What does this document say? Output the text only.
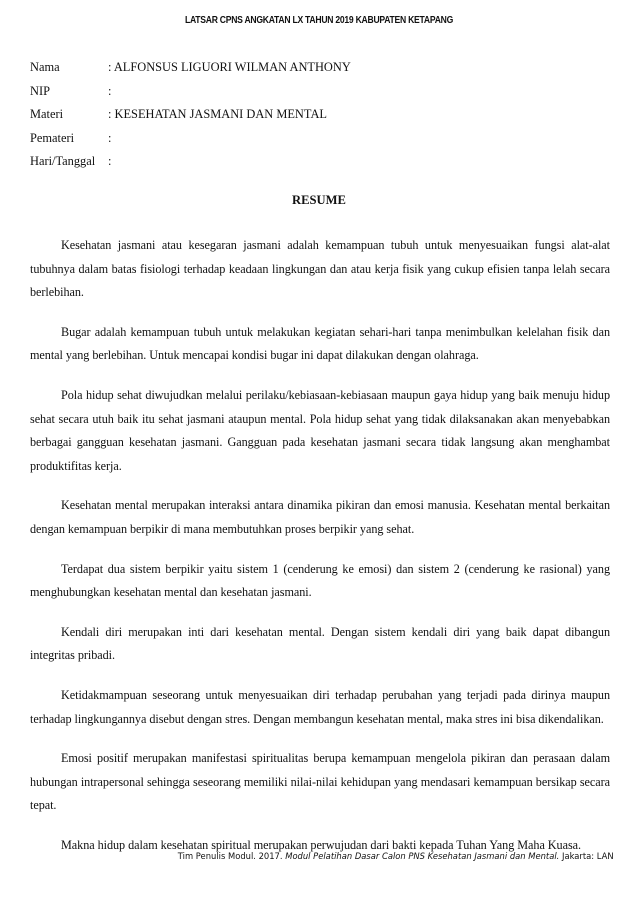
LATSAR CPNS ANGKATAN LX TAHUN 2019 KABUPATEN KETAPANG
Nama	: ALFONSUS LIGUORI WILMAN ANTHONY
NIP	:
Materi	: KESEHATAN JASMANI DAN MENTAL
Pemateri	:
Hari/Tanggal	:
RESUME

Kesehatan jasmani atau kesegaran jasmani adalah kemampuan tubuh untuk menyesuaikan fungsi alat-alat tubuhnya dalam batas fisiologi terhadap keadaan lingkungan dan atau kerja fisik yang cukup efisien tanpa lelah secara berlebihan.

Bugar adalah kemampuan tubuh untuk melakukan kegiatan sehari-hari tanpa menimbulkan kelelahan fisik dan mental yang berlebihan. Untuk mencapai kondisi bugar ini dapat dilakukan dengan olahraga.

Pola hidup sehat diwujudkan melalui perilaku/kebiasaan-kebiasaan maupun gaya hidup yang baik menuju hidup sehat secara utuh baik itu sehat jasmani ataupun mental. Pola hidup sehat yang tidak dilaksanakan akan menyebabkan berbagai gangguan kesehatan jasmani. Gangguan pada kesehatan jasmani secara tidak langsung akan menghambat produktifitas kerja.

Kesehatan mental merupakan interaksi antara dinamika pikiran dan emosi manusia. Kesehatan mental berkaitan dengan kemampuan berpikir di mana membutuhkan proses berpikir yang sehat.

Terdapat dua sistem berpikir yaitu sistem 1 (cenderung ke emosi) dan sistem 2 (cenderung ke rasional) yang menghubungkan kesehatan mental dan kesehatan jasmani.

Kendali diri merupakan inti dari kesehatan mental. Dengan sistem kendali diri yang baik dapat dibangun integritas pribadi.

Ketidakmampuan seseorang untuk menyesuaikan diri terhadap perubahan yang terjadi pada dirinya maupun terhadap lingkungannya disebut dengan stres. Dengan membangun kesehatan mental, maka stres ini bisa dikendalikan.

Emosi positif merupakan manifestasi spiritualitas berupa kemampuan mengelola pikiran dan perasaan dalam hubungan intrapersonal sehingga seseorang memiliki nilai-nilai kehidupan yang mendasari kemampuan bersikap secara tepat.

Makna hidup dalam kesehatan spiritual merupakan perwujudan dari bakti kepada Tuhan Yang Maha Kuasa.

Tim Penulis Modul. 2017. Modul Pelatihan Dasar Calon PNS Kesehatan Jasmani dan Mental. Jakarta: LAN
